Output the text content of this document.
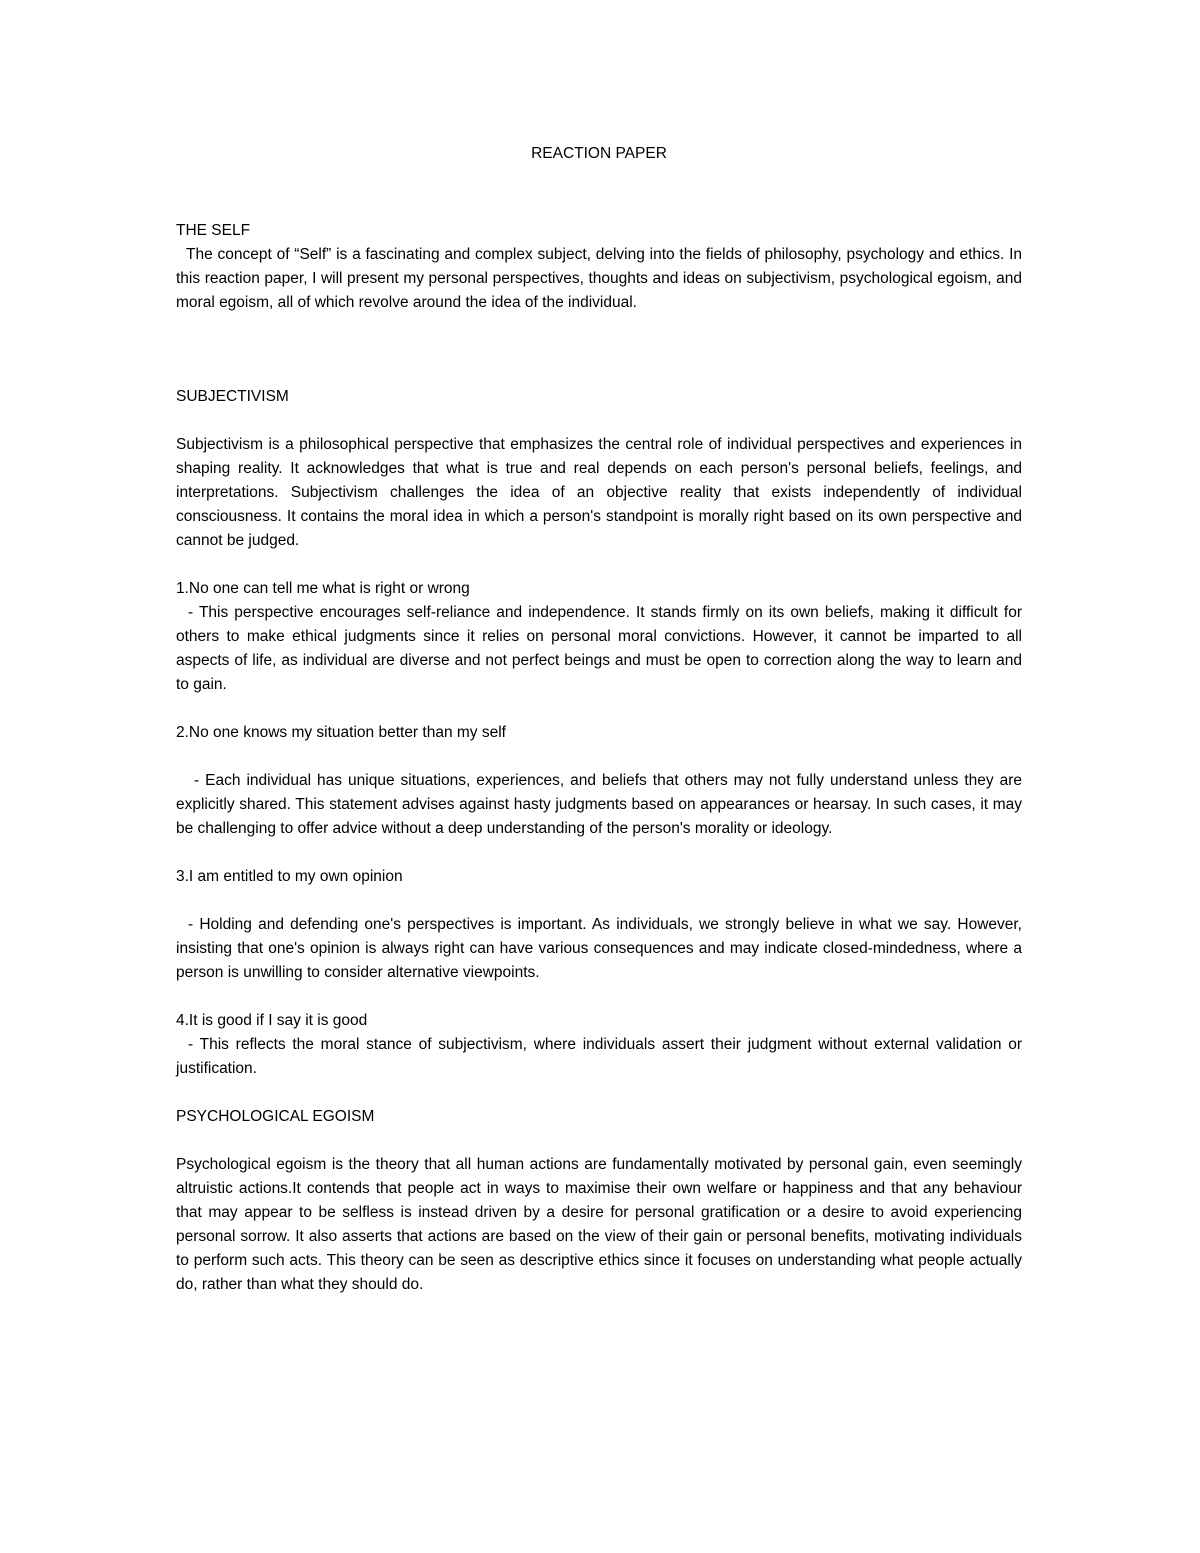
REACTION PAPER
THE SELF

The concept of “Self” is a fascinating and complex subject, delving into the fields of philosophy, psychology and ethics. In this reaction paper, I will present my personal perspectives, thoughts and ideas on subjectivism, psychological egoism, and moral egoism, all of which revolve around the idea of the individual.

SUBJECTIVISM

Subjectivism is a philosophical perspective that emphasizes the central role of individual perspectives and experiences in shaping reality. It acknowledges that what is true and real depends on each person's personal beliefs, feelings, and interpretations. Subjectivism challenges the idea of an objective reality that exists independently of individual consciousness. It contains the moral idea in which a person's standpoint is morally right based on its own perspective and cannot be judged.

1.No one can tell me what is right or wrong

- This perspective encourages self-reliance and independence. It stands firmly on its own beliefs, making it difficult for others to make ethical judgments since it relies on personal moral convictions. However, it cannot be imparted to all aspects of life, as individual are diverse and not perfect beings and must be open to correction along the way to learn and to gain.

2.No one knows my situation better than my self

- Each individual has unique situations, experiences, and beliefs that others may not fully understand unless they are explicitly shared. This statement advises against hasty judgments based on appearances or hearsay. In such cases, it may be challenging to offer advice without a deep understanding of the person's morality or ideology.

3.I am entitled to my own opinion

- Holding and defending one's perspectives is important. As individuals, we strongly believe in what we say. However, insisting that one's opinion is always right can have various consequences and may indicate closed-mindedness, where a person is unwilling to consider alternative viewpoints.

4.It is good if I say it is good

- This reflects the moral stance of subjectivism, where individuals assert their judgment without external validation or justification.

PSYCHOLOGICAL EGOISM

Psychological egoism is the theory that all human actions are fundamentally motivated by personal gain, even seemingly altruistic actions.It contends that people act in ways to maximise their own welfare or happiness and that any behaviour that may appear to be selfless is instead driven by a desire for personal gratification or a desire to avoid experiencing personal sorrow. It also asserts that actions are based on the view of their gain or personal benefits, motivating individuals to perform such acts. This theory can be seen as descriptive ethics since it focuses on understanding what people actually do, rather than what they should do.
